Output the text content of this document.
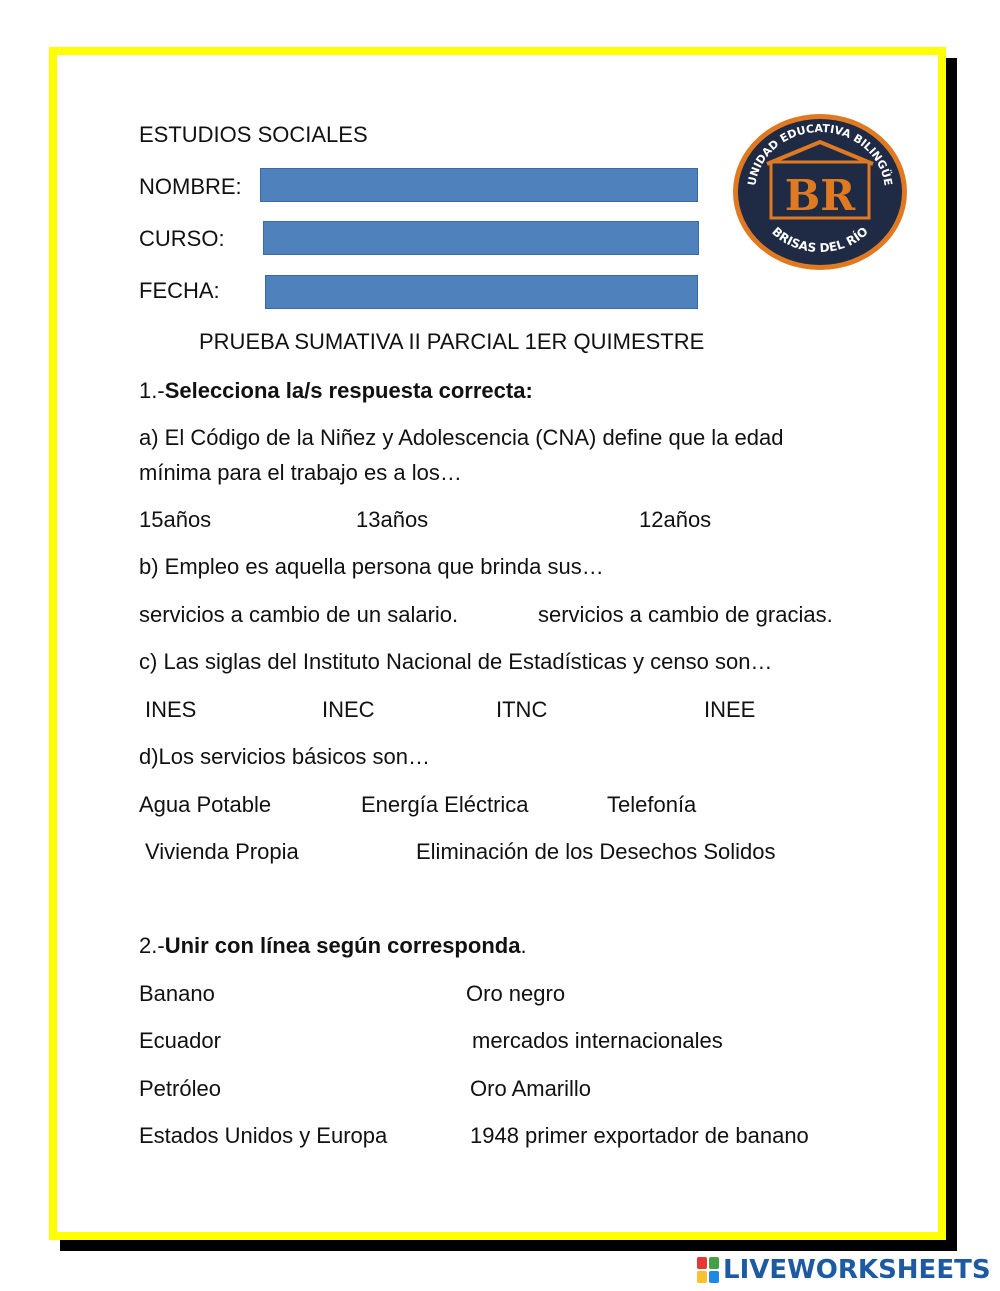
ESTUDIOS SOCIALES
NOMBRE:
CURSO:
FECHA:
UNIDAD EDUCATIVA BILINGÜE
BR
BRISAS DEL RÍO
PRUEBA SUMATIVA II PARCIAL 1ER QUIMESTRE
1.-Selecciona la/s respuesta correcta:
a) El Código de la Niñez y Adolescencia (CNA) define que la edad
mínima para el trabajo es a los…
15años	13años	12años
b) Empleo es aquella persona que brinda sus…
servicios a cambio de un salario.	servicios a cambio de gracias.
c) Las siglas del Instituto Nacional de Estadísticas y censo son…
INES	INEC	ITNC	INEE
d)Los servicios básicos son…
Agua Potable	Energía Eléctrica	Telefonía
Vivienda Propia	Eliminación de los Desechos Solidos
2.-Unir con línea según corresponda.
Banano	Oro negro
Ecuador	mercados internacionales
Petróleo	Oro Amarillo
Estados Unidos y Europa	1948 primer exportador de banano
LIVEWORKSHEETS
